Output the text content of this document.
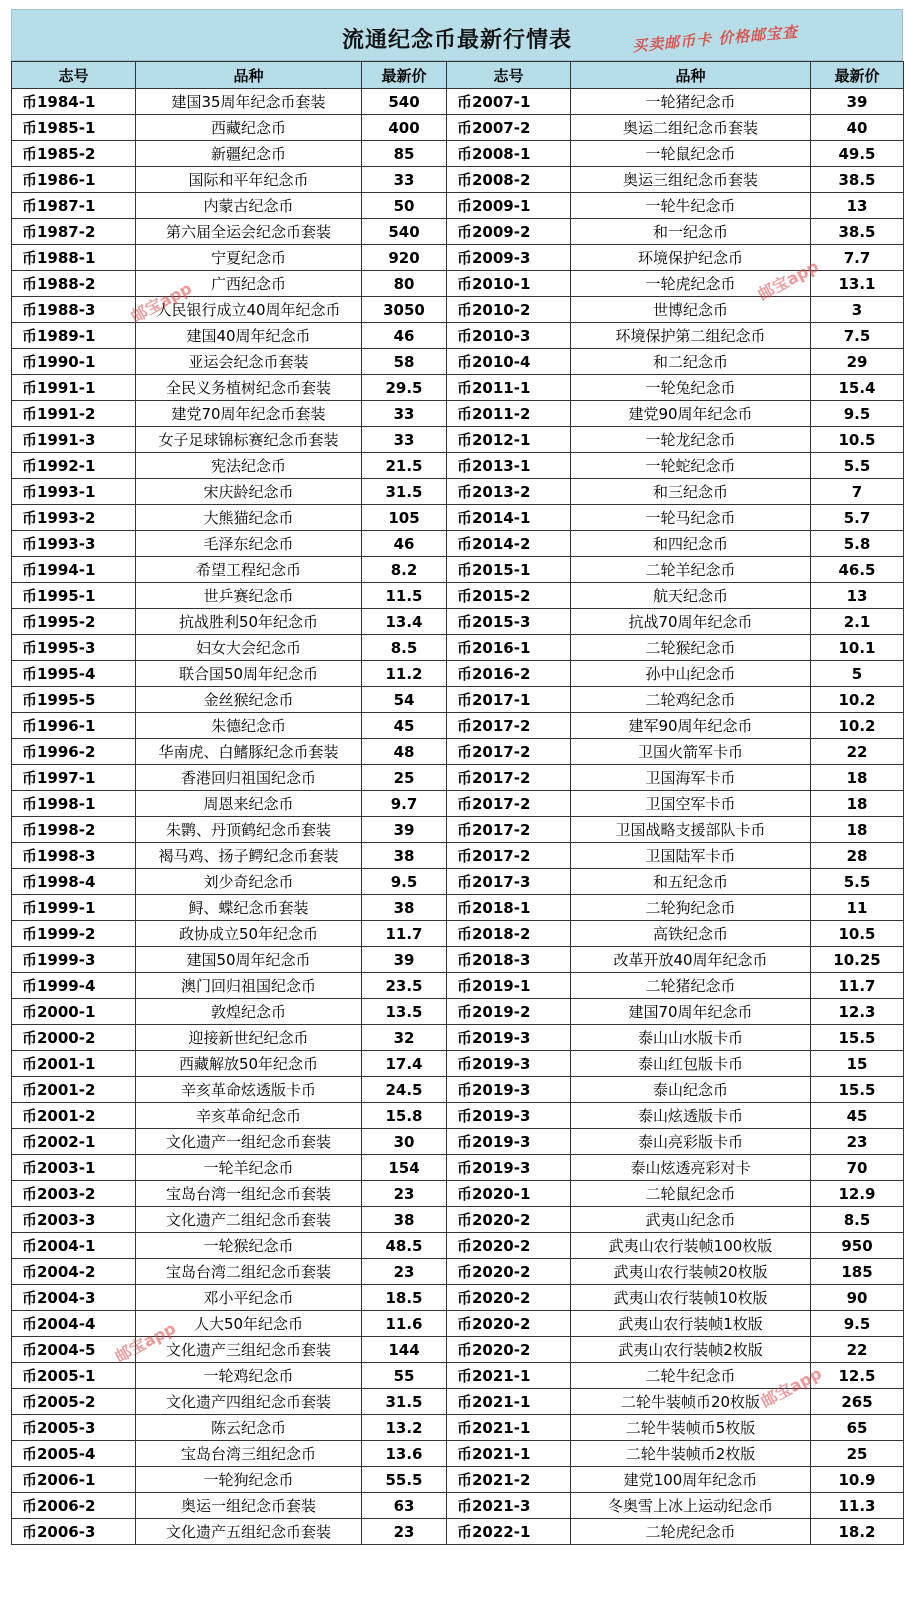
流通纪念币最新行情表	买卖邮币卡 价格邮宝查
志号	品种	最新价	志号	品种	最新价
币1984-1	建国35周年纪念币套装	540	币2007-1	一轮猪纪念币	39
币1985-1	西藏纪念币	400	币2007-2	奥运二组纪念币套装	40
币1985-2	新疆纪念币	85	币2008-1	一轮鼠纪念币	49.5
币1986-1	国际和平年纪念币	33	币2008-2	奥运三组纪念币套装	38.5
币1987-1	内蒙古纪念币	50	币2009-1	一轮牛纪念币	13
币1987-2	第六届全运会纪念币套装	540	币2009-2	和一纪念币	38.5
币1988-1	宁夏纪念币	920	币2009-3	环境保护纪念币	7.7
币1988-2	广西纪念币	80	币2010-1	一轮虎纪念币	13.1
币1988-3	人民银行成立40周年纪念币	3050	币2010-2	世博纪念币	3
币1989-1	建国40周年纪念币	46	币2010-3	环境保护第二组纪念币	7.5
币1990-1	亚运会纪念币套装	58	币2010-4	和二纪念币	29
币1991-1	全民义务植树纪念币套装	29.5	币2011-1	一轮兔纪念币	15.4
币1991-2	建党70周年纪念币套装	33	币2011-2	建党90周年纪念币	9.5
币1991-3	女子足球锦标赛纪念币套装	33	币2012-1	一轮龙纪念币	10.5
币1992-1	宪法纪念币	21.5	币2013-1	一轮蛇纪念币	5.5
币1993-1	宋庆龄纪念币	31.5	币2013-2	和三纪念币	7
币1993-2	大熊猫纪念币	105	币2014-1	一轮马纪念币	5.7
币1993-3	毛泽东纪念币	46	币2014-2	和四纪念币	5.8
币1994-1	希望工程纪念币	8.2	币2015-1	二轮羊纪念币	46.5
币1995-1	世乒赛纪念币	11.5	币2015-2	航天纪念币	13
币1995-2	抗战胜利50年纪念币	13.4	币2015-3	抗战70周年纪念币	2.1
币1995-3	妇女大会纪念币	8.5	币2016-1	二轮猴纪念币	10.1
币1995-4	联合国50周年纪念币	11.2	币2016-2	孙中山纪念币	5
币1995-5	金丝猴纪念币	54	币2017-1	二轮鸡纪念币	10.2
币1996-1	朱德纪念币	45	币2017-2	建军90周年纪念币	10.2
币1996-2	华南虎、白鳍豚纪念币套装	48	币2017-2	卫国火箭军卡币	22
币1997-1	香港回归祖国纪念币	25	币2017-2	卫国海军卡币	18
币1998-1	周恩来纪念币	9.7	币2017-2	卫国空军卡币	18
币1998-2	朱鹮、丹顶鹤纪念币套装	39	币2017-2	卫国战略支援部队卡币	18
币1998-3	褐马鸡、扬子鳄纪念币套装	38	币2017-2	卫国陆军卡币	28
币1998-4	刘少奇纪念币	9.5	币2017-3	和五纪念币	5.5
币1999-1	鲟、蝶纪念币套装	38	币2018-1	二轮狗纪念币	11
币1999-2	政协成立50年纪念币	11.7	币2018-2	高铁纪念币	10.5
币1999-3	建国50周年纪念币	39	币2018-3	改革开放40周年纪念币	10.25
币1999-4	澳门回归祖国纪念币	23.5	币2019-1	二轮猪纪念币	11.7
币2000-1	敦煌纪念币	13.5	币2019-2	建国70周年纪念币	12.3
币2000-2	迎接新世纪纪念币	32	币2019-3	泰山山水版卡币	15.5
币2001-1	西藏解放50年纪念币	17.4	币2019-3	泰山红包版卡币	15
币2001-2	辛亥革命炫透版卡币	24.5	币2019-3	泰山纪念币	15.5
币2001-2	辛亥革命纪念币	15.8	币2019-3	泰山炫透版卡币	45
币2002-1	文化遗产一组纪念币套装	30	币2019-3	泰山亮彩版卡币	23
币2003-1	一轮羊纪念币	154	币2019-3	泰山炫透亮彩对卡	70
币2003-2	宝岛台湾一组纪念币套装	23	币2020-1	二轮鼠纪念币	12.9
币2003-3	文化遗产二组纪念币套装	38	币2020-2	武夷山纪念币	8.5
币2004-1	一轮猴纪念币	48.5	币2020-2	武夷山农行装帧100枚版	950
币2004-2	宝岛台湾二组纪念币套装	23	币2020-2	武夷山农行装帧20枚版	185
币2004-3	邓小平纪念币	18.5	币2020-2	武夷山农行装帧10枚版	90
币2004-4	人大50年纪念币	11.6	币2020-2	武夷山农行装帧1枚版	9.5
币2004-5	文化遗产三组纪念币套装	144	币2020-2	武夷山农行装帧2枚版	22
币2005-1	一轮鸡纪念币	55	币2021-1	二轮牛纪念币	12.5
币2005-2	文化遗产四组纪念币套装	31.5	币2021-1	二轮牛装帧币20枚版	265
币2005-3	陈云纪念币	13.2	币2021-1	二轮牛装帧币5枚版	65
币2005-4	宝岛台湾三组纪念币	13.6	币2021-1	二轮牛装帧币2枚版	25
币2006-1	一轮狗纪念币	55.5	币2021-2	建党100周年纪念币	10.9
币2006-2	奥运一组纪念币套装	63	币2021-3	冬奥雪上冰上运动纪念币	11.3
币2006-3	文化遗产五组纪念币套装	23	币2022-1	二轮虎纪念币	18.2
邮宝app	邮宝app
邮宝app
邮宝app
